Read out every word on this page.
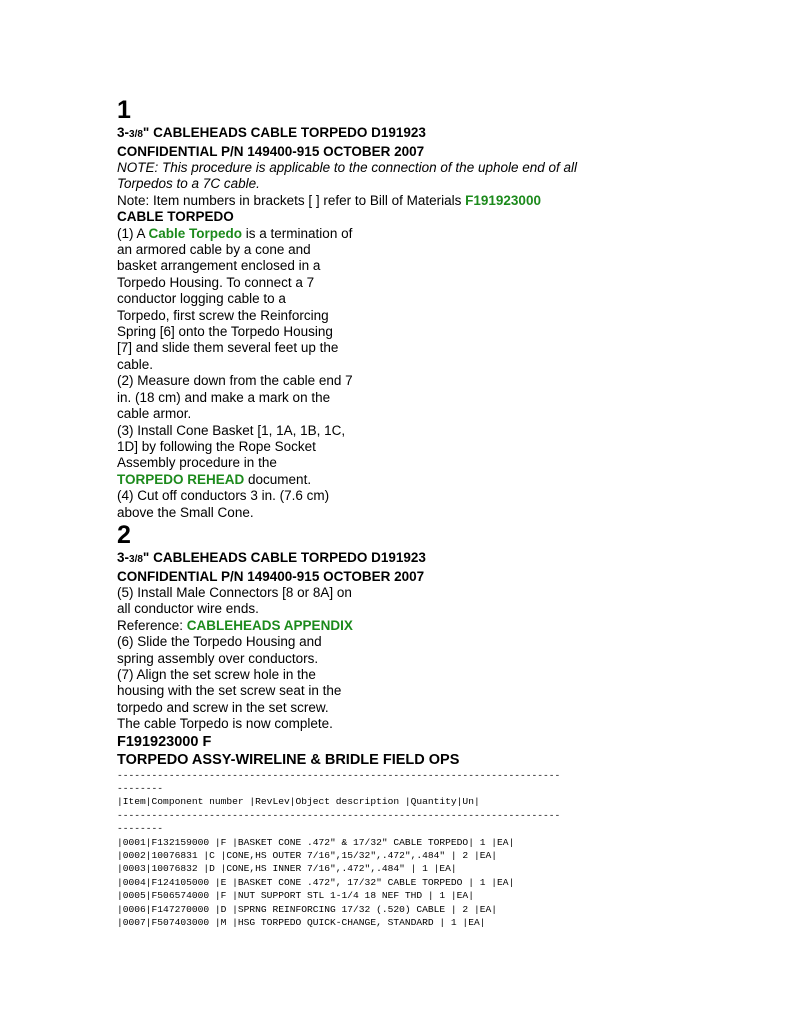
1

3-3/8" CABLEHEADS CABLE TORPEDO D191923

CONFIDENTIAL P/N 149400-915 OCTOBER 2007

NOTE: This procedure is applicable to the connection of the uphole end of all

Torpedos to a 7C cable.

Note: Item numbers in brackets [ ] refer to Bill of Materials F191923000

CABLE TORPEDO

(1) A Cable Torpedo is a termination of

an armored cable by a cone and

basket arrangement enclosed in a

Torpedo Housing. To connect a 7

conductor logging cable to a

Torpedo, first screw the Reinforcing

Spring [6] onto the Torpedo Housing

[7] and slide them several feet up the

cable.

(2) Measure down from the cable end 7

in. (18 cm) and make a mark on the

cable armor.

(3) Install Cone Basket [1, 1A, 1B, 1C,

1D] by following the Rope Socket

Assembly procedure in the

TORPEDO REHEAD document.

(4) Cut off conductors 3 in. (7.6 cm)

above the Small Cone.

2

3-3/8" CABLEHEADS CABLE TORPEDO D191923

CONFIDENTIAL P/N 149400-915 OCTOBER 2007

(5) Install Male Connectors [8 or 8A] on

all conductor wire ends.

Reference: CABLEHEADS APPENDIX

(6) Slide the Torpedo Housing and

spring assembly over conductors.

(7) Align the set screw hole in the

housing with the set screw seat in the

torpedo and screw in the set screw.

The cable Torpedo is now complete.

F191923000 F

TORPEDO ASSY-WIRELINE & BRIDLE FIELD OPS

-----------------------------------------------------------------------------

--------

|Item|Component number |RevLev|Object description |Quantity|Un|

-----------------------------------------------------------------------------

--------

|0001|F132159000 |F |BASKET CONE .472" & 17/32" CABLE TORPEDO| 1 |EA|

|0002|10076831 |C |CONE,HS OUTER 7/16",15/32",.472",.484" | 2 |EA|

|0003|10076832 |D |CONE,HS INNER 7/16",.472",.484" | 1 |EA|

|0004|F124105000 |E |BASKET CONE .472", 17/32" CABLE TORPEDO | 1 |EA|

|0005|F506574000 |F |NUT SUPPORT STL 1-1/4 18 NEF THD | 1 |EA|

|0006|F147270000 |D |SPRNG REINFORCING 17/32 (.520) CABLE | 2 |EA|

|0007|F507403000 |M |HSG TORPEDO QUICK-CHANGE, STANDARD | 1 |EA|
